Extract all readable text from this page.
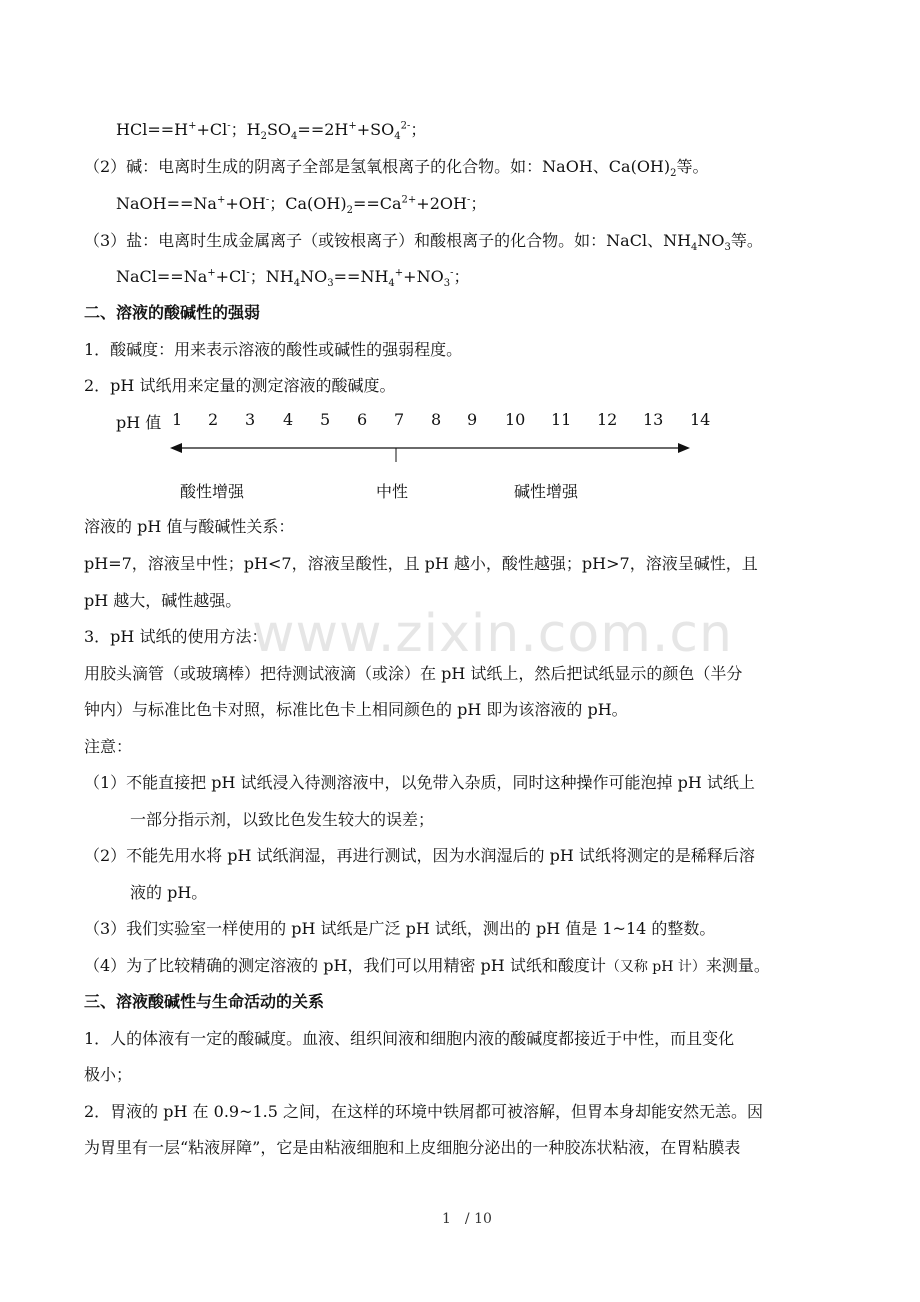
www.zixin.com.cn
HCl==H++Cl-；$H_2SO_4==2H^++SO_4^{2-}$；
（2）碱：电离时生成的阴离子全部是氢氧根离子的化合物。如：NaOH、$Ca(OH)_2$等。
NaOH==Na++OH-；$Ca(OH)_2==Ca^{2+}+2OH^-$；
（3）盐：电离时生成金属离子（或铵根离子）和酸根离子的化合物。如：NaCl、$NH_4NO_3$等。
NaCl==Na++Cl-；$NH_4NO_3==NH_4^++NO_3^-$；
二、溶液的酸碱性的强弱
1．酸碱度：用来表示溶液的酸性或碱性的强弱程度。
2．pH 试纸用来定量的测定溶液的酸碱度。
pH 值 1 2 3 4 5 6 7 8 9 10 11 12 13 14
酸性增强	中性	碱性增强
溶液的 pH 值与酸碱性关系：
pH=7，溶液呈中性；pH<7，溶液呈酸性，且 pH 越小，酸性越强；pH>7，溶液呈碱性，且
pH 越大，碱性越强。
3．pH 试纸的使用方法：
用胶头滴管（或玻璃棒）把待测试液滴（或涂）在 pH 试纸上，然后把试纸显示的颜色（半分
钟内）与标准比色卡对照，标准比色卡上相同颜色的 pH 即为该溶液的 pH。
注意：
（1）不能直接把 pH 试纸浸入待测溶液中，以免带入杂质，同时这种操作可能泡掉 pH 试纸上
一部分指示剂，以致比色发生较大的误差；
（2）不能先用水将 pH 试纸润湿，再进行测试，因为水润湿后的 pH 试纸将测定的是稀释后溶
液的 pH。
（3）我们实验室一样使用的 pH 试纸是广泛 pH 试纸，测出的 pH 值是 1~14 的整数。
（4）为了比较精确的测定溶液的 pH，我们可以用精密 pH 试纸和酸度计（又称 pH 计）来测量。
三、溶液酸碱性与生命活动的关系
1．人的体液有一定的酸碱度。血液、组织间液和细胞内液的酸碱度都接近于中性，而且变化
极小；
2．胃液的 pH 在 0.9~1.5 之间，在这样的环境中铁屑都可被溶解，但胃本身却能安然无恙。因
为胃里有一层“粘液屏障”，它是由粘液细胞和上皮细胞分泌出的一种胶冻状粘液，在胃粘膜表
1　/ 10
